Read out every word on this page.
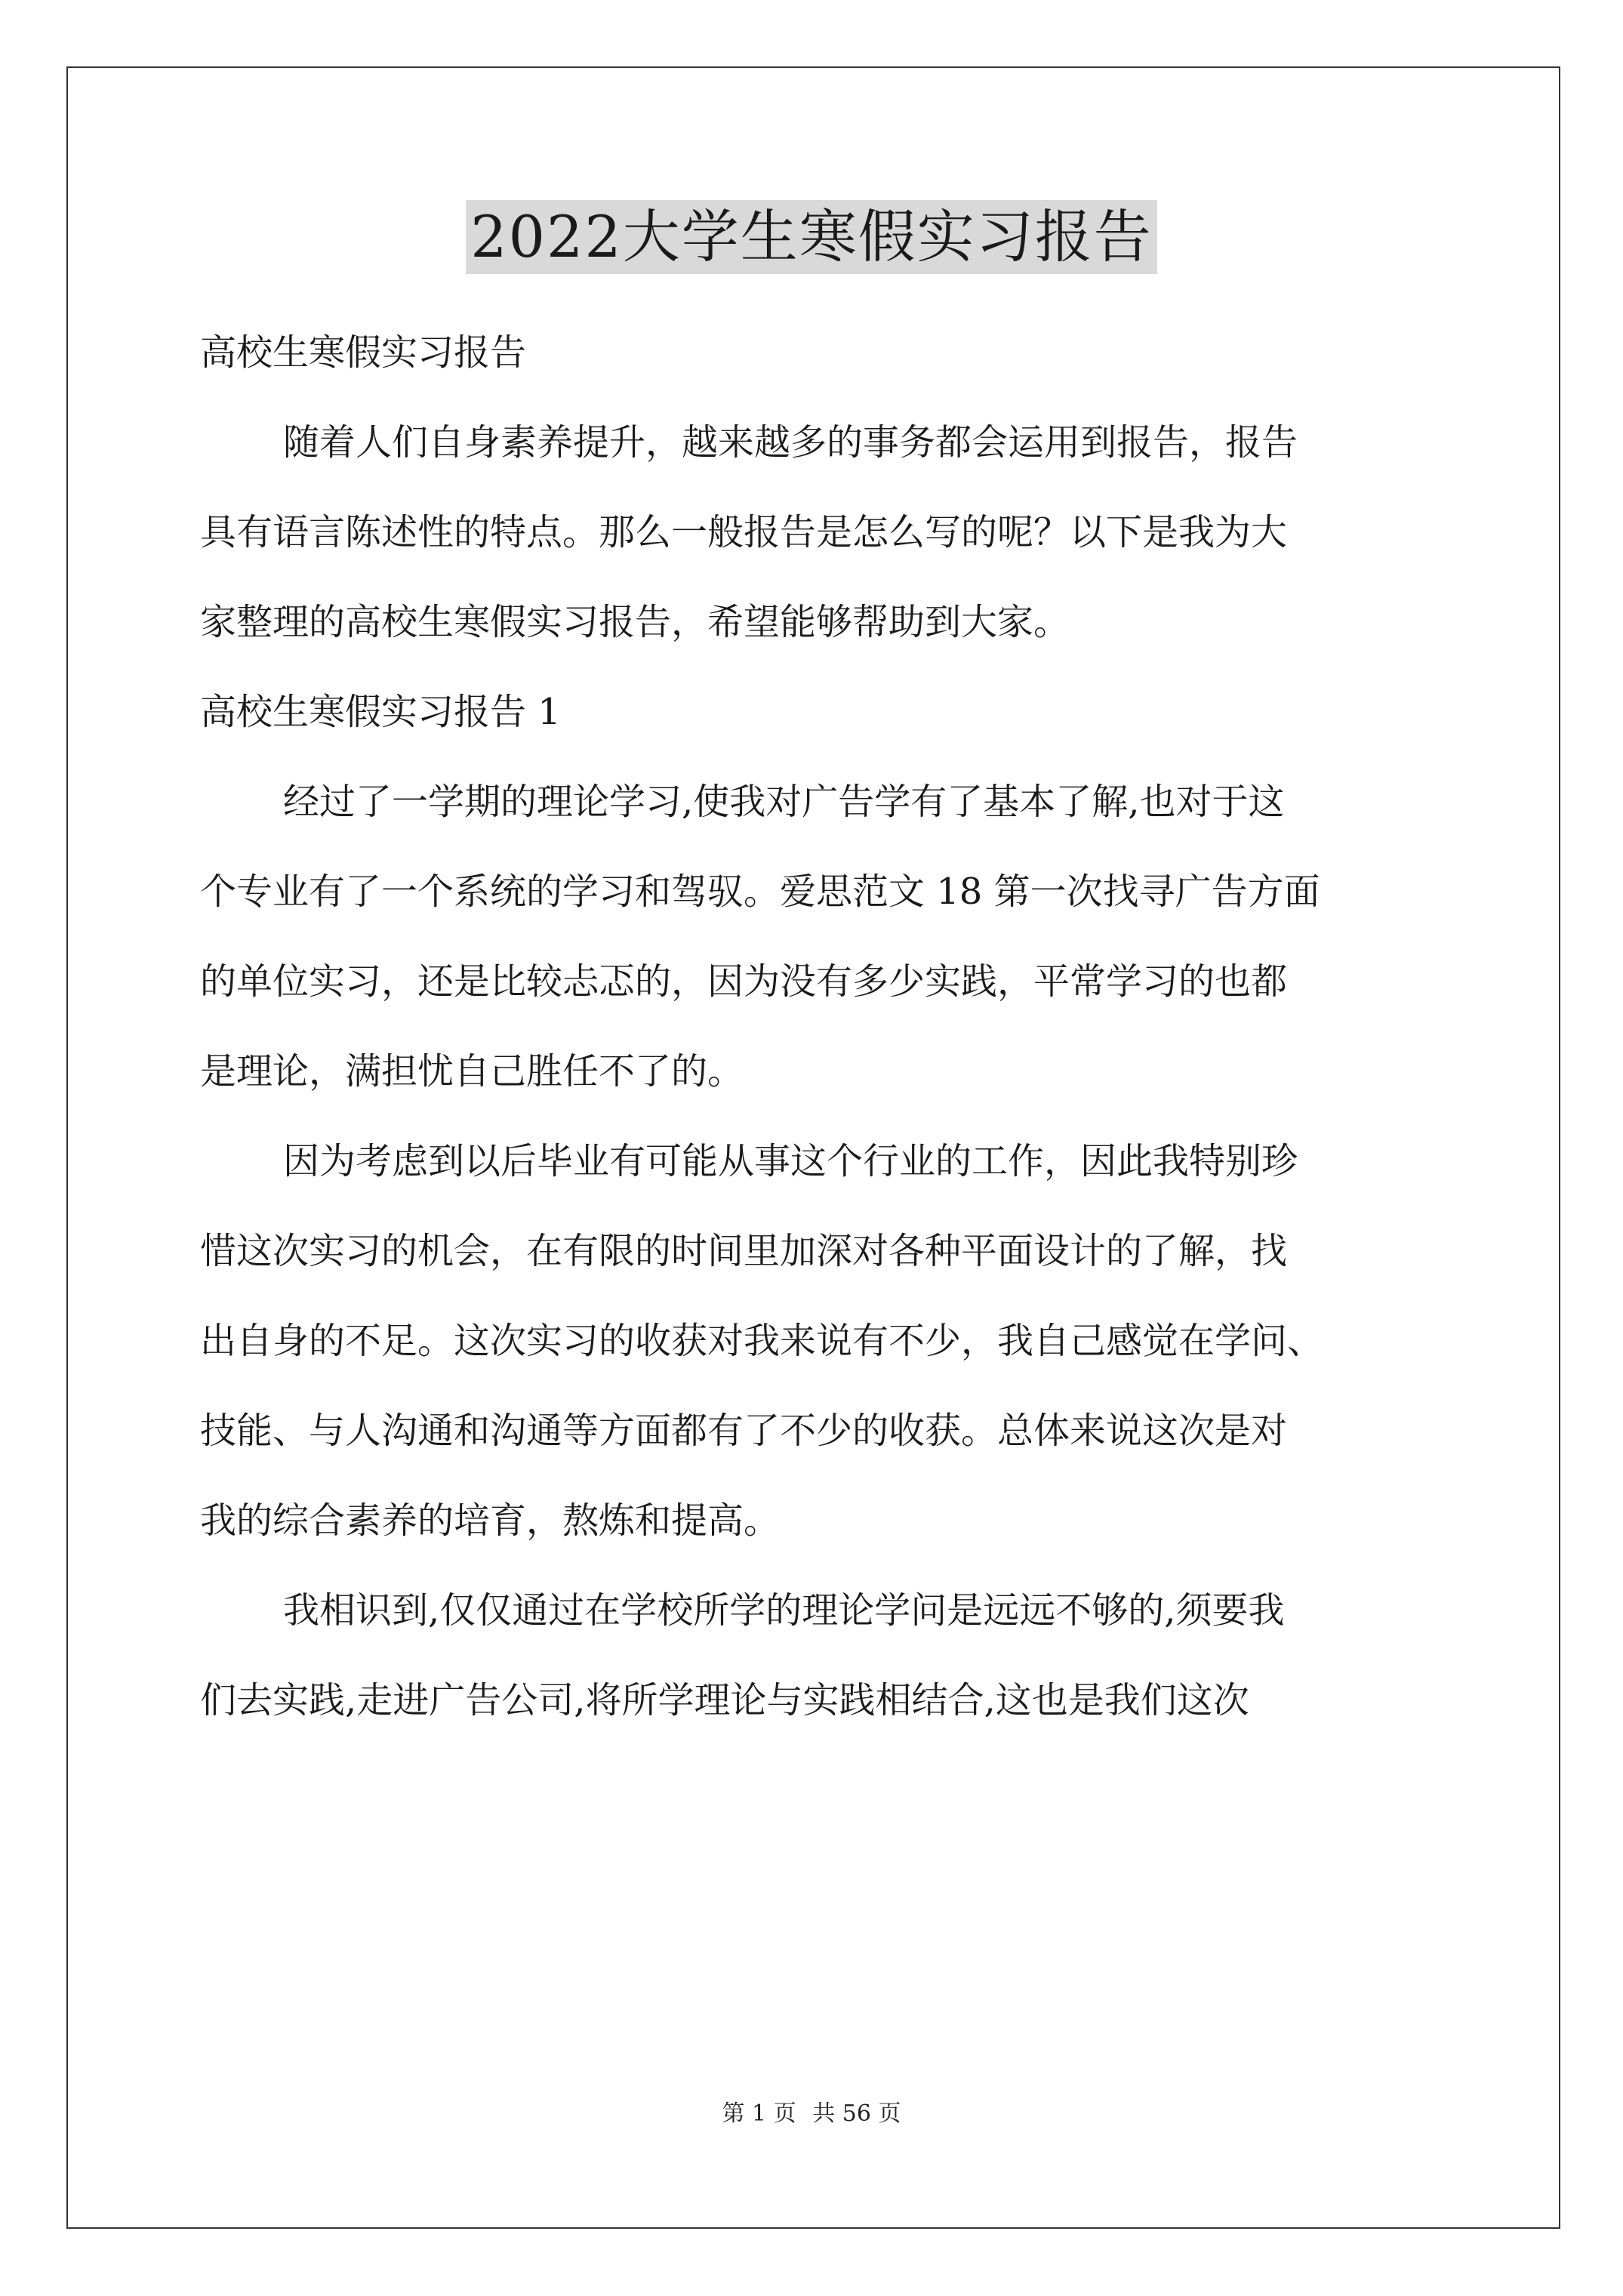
2022大学生寒假实习报告
高校生寒假实习报告
随着人们自身素养提升，越来越多的事务都会运用到报告，报告
具有语言陈述性的特点。那么一般报告是怎么写的呢？以下是我为大
家整理的高校生寒假实习报告，希望能够帮助到大家。
高校生寒假实习报告 1
经过了一学期的理论学习,使我对广告学有了基本了解,也对于这
个专业有了一个系统的学习和驾驭。爱思范文 18 第一次找寻广告方面
的单位实习，还是比较忐忑的，因为没有多少实践，平常学习的也都
是理论，满担忧自己胜任不了的。
因为考虑到以后毕业有可能从事这个行业的工作，因此我特别珍
惜这次实习的机会，在有限的时间里加深对各种平面设计的了解，找
出自身的不足。这次实习的收获对我来说有不少，我自己感觉在学问、
技能、与人沟通和沟通等方面都有了不少的收获。总体来说这次是对
我的综合素养的培育，熬炼和提高。
我相识到,仅仅通过在学校所学的理论学问是远远不够的,须要我
们去实践,走进广告公司,将所学理论与实践相结合,这也是我们这次
第 1 页 共 56 页
